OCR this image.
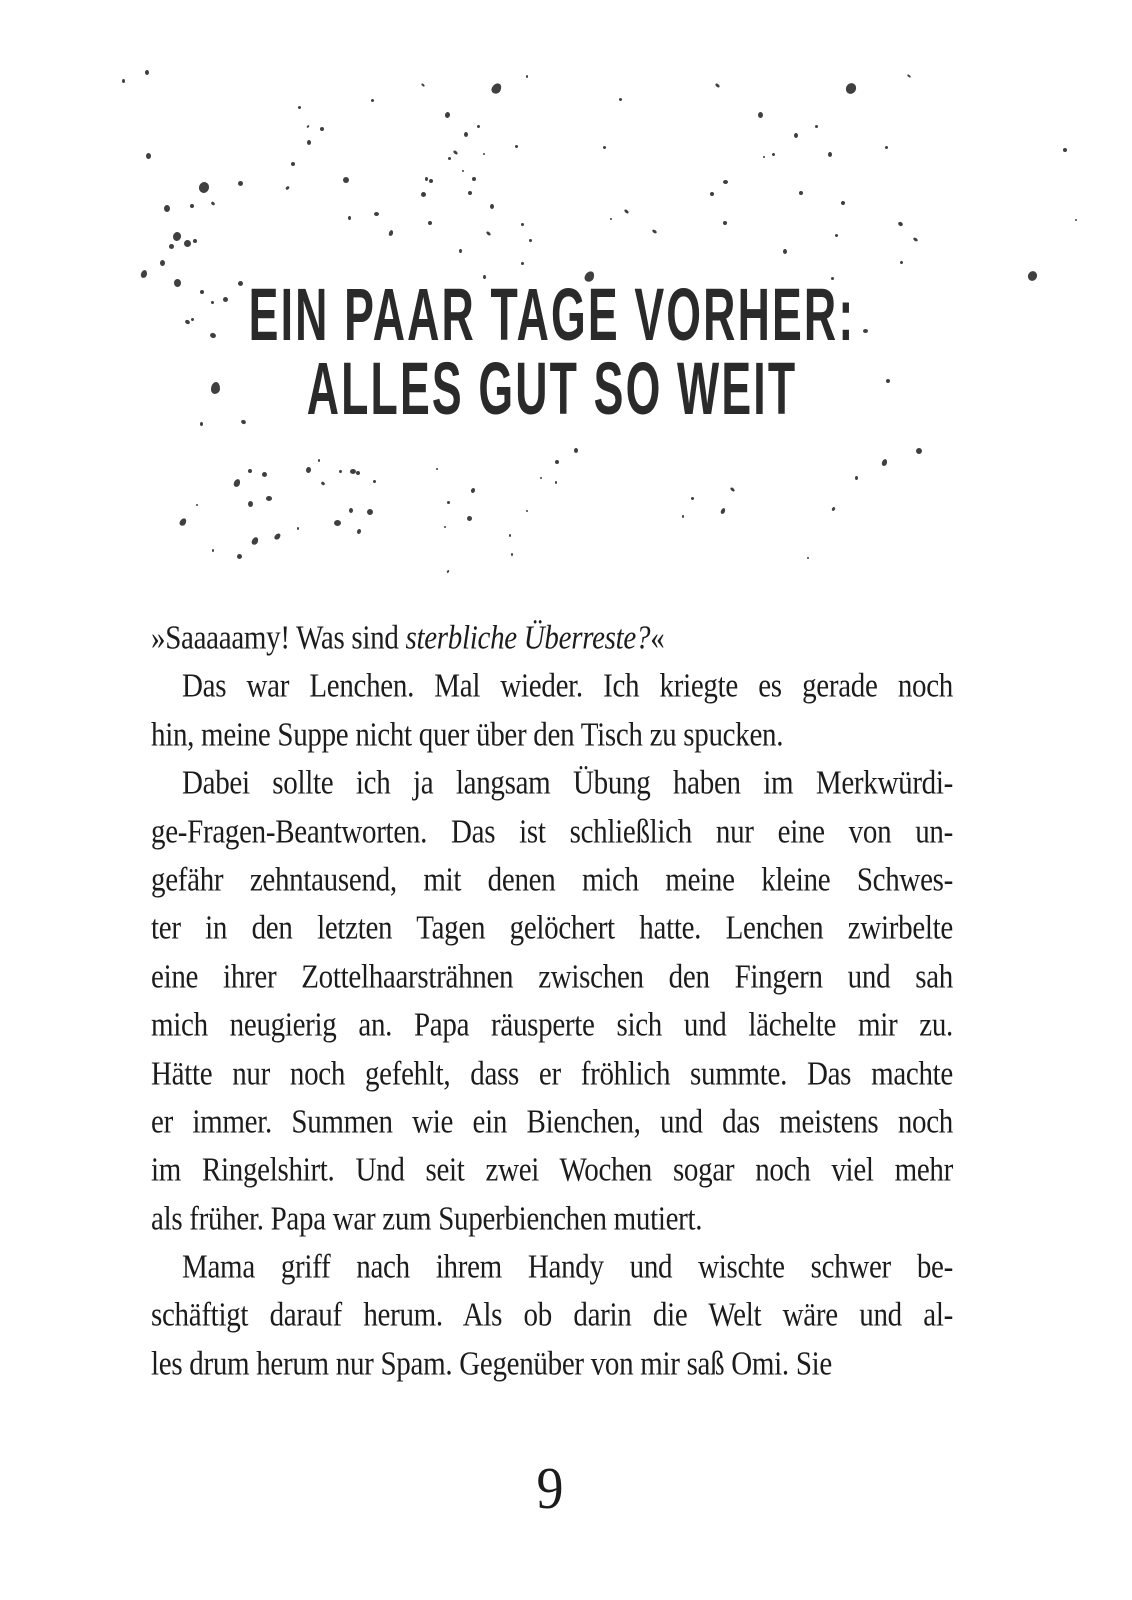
EIN PAAR TAGE VORHER:
ALLES GUT SO WEIT
»Saaaaamy! Was sind sterbliche Überreste?«
Das war Lenchen. Mal wieder. Ich kriegte es gerade noch
hin, meine Suppe nicht quer über den Tisch zu spucken.
Dabei sollte ich ja langsam Übung haben im Merkwürdi-
ge-Fragen-Beantworten. Das ist schließlich nur eine von un-
gefähr zehntausend, mit denen mich meine kleine Schwes-
ter in den letzten Tagen gelöchert hatte. Lenchen zwirbelte
eine ihrer Zottelhaarsträhnen zwischen den Fingern und sah
mich neugierig an. Papa räusperte sich und lächelte mir zu.
Hätte nur noch gefehlt, dass er fröhlich summte. Das machte
er immer. Summen wie ein Bienchen, und das meistens noch
im Ringelshirt. Und seit zwei Wochen sogar noch viel mehr
als früher. Papa war zum Superbienchen mutiert.
Mama griff nach ihrem Handy und wischte schwer be-
schäftigt darauf herum. Als ob darin die Welt wäre und al-
les drum herum nur Spam. Gegenüber von mir saß Omi. Sie
9
